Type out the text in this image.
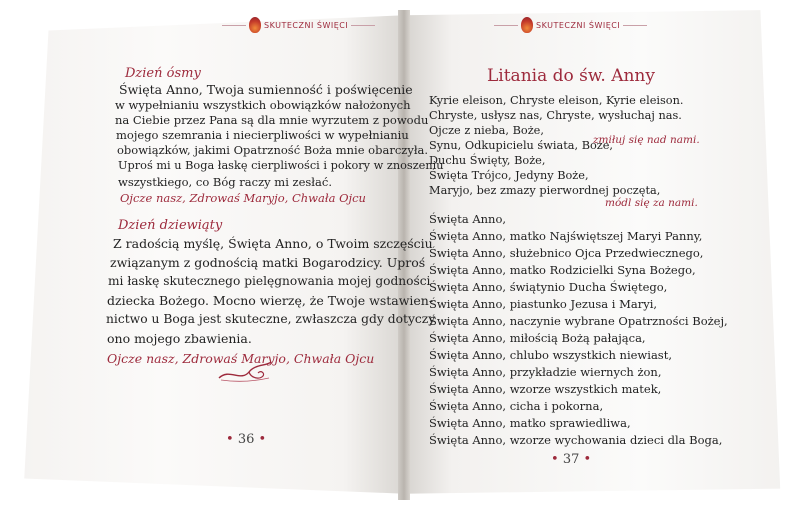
SKUTECZNI ŚWIĘCI	SKUTECZNI ŚWIĘCI
Dzień ósmy
Święta Anno, Twoja sumienność i poświęcenie
w wypełnianiu wszystkich obowiązków nałożonych
na Ciebie przez Pana są dla mnie wyrzutem z powodu
mojego szemrania i niecierpliwości w wypełnianiu
obowiązków, jakimi Opatrzność Boża mnie obarczyła.
Uproś mi u Boga łaskę cierpliwości i pokory w znoszeniu
wszystkiego, co Bóg raczy mi zesłać.
Ojcze nasz, Zdrowaś Maryjo, Chwała Ojcu
Dzień dziewiąty
Z radością myślę, Święta Anno, o Twoim szczęściu
związanym z godnością matki Bogarodzicy. Uproś
mi łaskę skutecznego pielęgnowania mojej godności
dziecka Bożego. Mocno wierzę, że Twoje wstawien-
nictwo u Boga jest skuteczne, zwłaszcza gdy dotyczy
ono mojego zbawienia.
Ojcze nasz, Zdrowaś Maryjo, Chwała Ojcu
• 36 •
Litania do św. Anny
Kyrie eleison, Chryste eleison, Kyrie eleison.
Chryste, usłysz nas, Chryste, wysłuchaj nas.
Ojcze z nieba, Boże,
Synu, Odkupicielu świata, Boże,
Duchu Święty, Boże,
Święta Trójco, Jedyny Boże,
Maryjo, bez zmazy pierwordnej poczęta,
zmiłuj się nad nami.
módl się za nami.
Święta Anno,
Święta Anno, matko Najświętszej Maryi Panny,
Święta Anno, służebnico Ojca Przedwiecznego,
Święta Anno, matko Rodzicielki Syna Bożego,
Święta Anno, świątynio Ducha Świętego,
Święta Anno, piastunko Jezusa i Maryi,
Święta Anno, naczynie wybrane Opatrzności Bożej,
Święta Anno, miłością Bożą pałająca,
Święta Anno, chlubo wszystkich niewiast,
Święta Anno, przykładzie wiernych żon,
Święta Anno, wzorze wszystkich matek,
Święta Anno, cicha i pokorna,
Święta Anno, matko sprawiedliwa,
Święta Anno, wzorze wychowania dzieci dla Boga,
• 37 •
